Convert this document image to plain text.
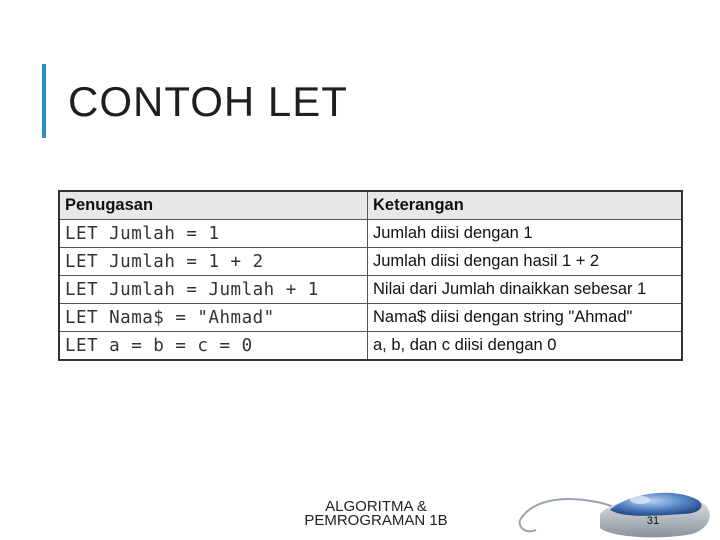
CONTOH LET
Penugasan	Keterangan
LET Jumlah = 1	Jumlah diisi dengan 1
LET Jumlah = 1 + 2	Jumlah diisi dengan hasil 1 + 2
LET Jumlah = Jumlah + 1	Nilai dari Jumlah dinaikkan sebesar 1
LET Nama$ = "Ahmad"	Nama$ diisi dengan string "Ahmad"
LET a = b = c = 0	a, b, dan c diisi dengan 0
ALGORITMA &
PEMROGRAMAN 1B	31
